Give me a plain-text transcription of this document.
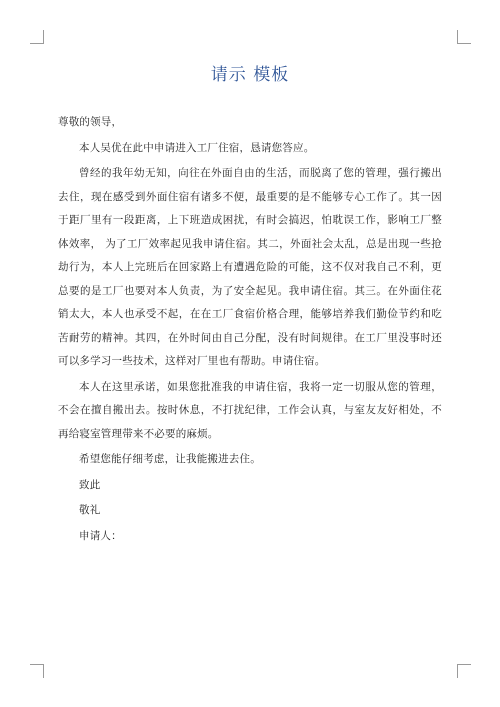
请示 模板

尊敬的领导，

本人吴优在此中申请进入工厂住宿，恳请您答应。

曾经的我年幼无知，向往在外面自由的生活，而脱离了您的管理，强行搬出去住，现在感受到外面住宿有诸多不便，最重要的是不能够专心工作了。其一因于距厂里有一段距离，上下班造成困扰，有时会搞迟，怕耽误工作，影响工厂整体效率， 为了工厂效率起见我申请住宿。其二，外面社会太乱，总是出现一些抢劫行为，本人上完班后在回家路上有遭遇危险的可能，这不仅对我自己不利，更总要的是工厂也要对本人负责，为了安全起见。我申请住宿。其三。在外面住花销太大，本人也承受不起，在在工厂食宿价格合理，能够培养我们勤俭节约和吃苦耐劳的精神。其四，在外时间由自己分配，没有时间规律。在工厂里没事时还可以多学习一些技术，这样对厂里也有帮助。申请住宿。

本人在这里承诺，如果您批准我的申请住宿，我将一定一切服从您的管理，不会在擅自搬出去。按时休息，不打扰纪律，工作会认真，与室友友好相处，不再给寝室管理带来不必要的麻烦。

希望您能仔细考虑，让我能搬进去住。

致此

敬礼

申请人：
